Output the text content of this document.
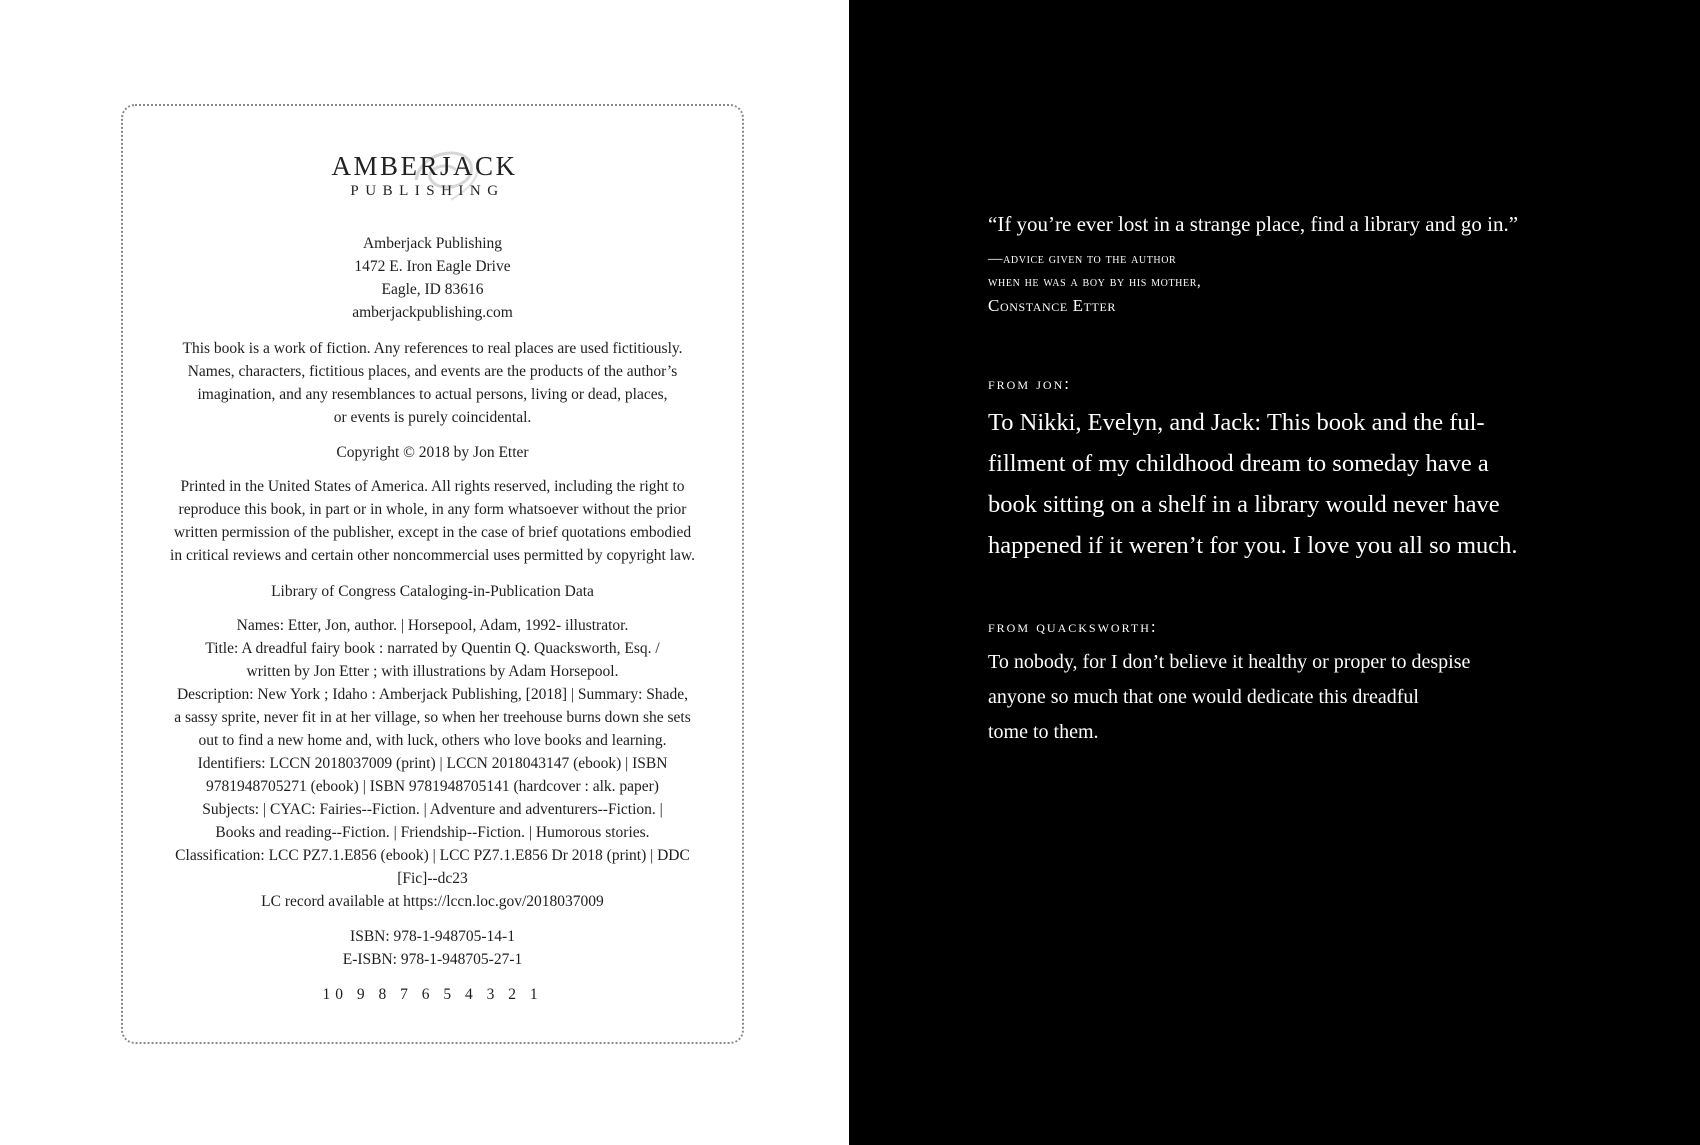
AMBERJACK
PUBLISHING
Amberjack Publishing
1472 E. Iron Eagle Drive
Eagle, ID 83616
amberjackpublishing.com
This book is a work of fiction. Any references to real places are used fictitiously.
Names, characters, fictitious places, and events are the products of the author’s
imagination, and any resemblances to actual persons, living or dead, places,
or events is purely coincidental.
Copyright © 2018 by Jon Etter
Printed in the United States of America. All rights reserved, including the right to
reproduce this book, in part or in whole, in any form whatsoever without the prior
written permission of the publisher, except in the case of brief quotations embodied
in critical reviews and certain other noncommercial uses permitted by copyright law.
Library of Congress Cataloging-in-Publication Data
Names: Etter, Jon, author. | Horsepool, Adam, 1992- illustrator.
Title: A dreadful fairy book : narrated by Quentin Q. Quacksworth, Esq. /
written by Jon Etter ; with illustrations by Adam Horsepool.
Description: New York ; Idaho : Amberjack Publishing, [2018] | Summary: Shade,
a sassy sprite, never fit in at her village, so when her treehouse burns down she sets
out to find a new home and, with luck, others who love books and learning.
Identifiers: LCCN 2018037009 (print) | LCCN 2018043147 (ebook) | ISBN
9781948705271 (ebook) | ISBN 9781948705141 (hardcover : alk. paper)
Subjects: | CYAC: Fairies--Fiction. | Adventure and adventurers--Fiction. |
Books and reading--Fiction. | Friendship--Fiction. | Humorous stories.
Classification: LCC PZ7.1.E856 (ebook) | LCC PZ7.1.E856 Dr 2018 (print) | DDC
[Fic]--dc23
LC record available at https://lccn.loc.gov/2018037009
ISBN: 978-1-948705-14-1
E-ISBN: 978-1-948705-27-1
10 9 8 7 6 5 4 3 2 1
“If you’re ever lost in a strange place, find a library and go in.”
—advice given to the author
when he was a boy by his mother,
Constance Etter
from jon:
To Nikki, Evelyn, and Jack: This book and the ful-
fillment of my childhood dream to someday have a
book sitting on a shelf in a library would never have
happened if it weren’t for you. I love you all so much.
from quacksworth:
To nobody, for I don’t believe it healthy or proper to despise
anyone so much that one would dedicate this dreadful
tome to them.
